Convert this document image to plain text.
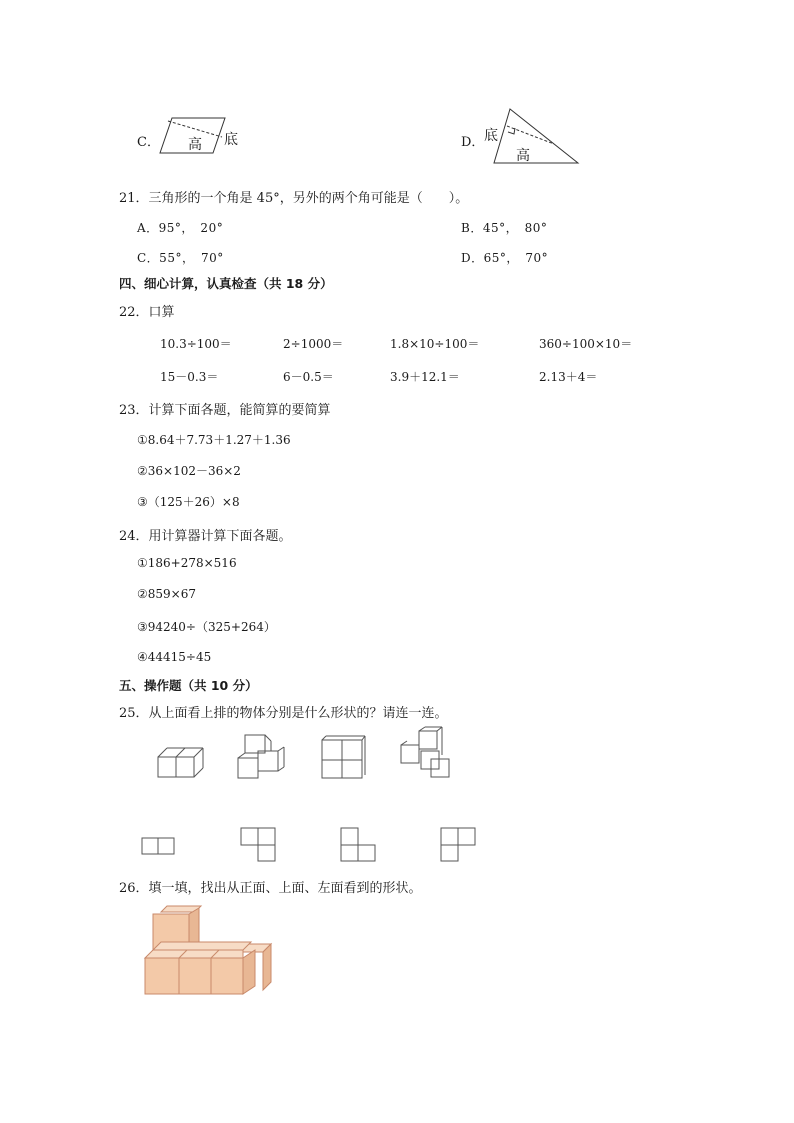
C． 高 底	D． 底
高
21．三角形的一个角是 45°，另外的两个角可能是（　　）。
A．95°，　20°	B．45°，　80°
C．55°，　70°	D．65°，　70°
四、细心计算，认真检查（共 18 分）
22．口算
10.3÷100＝	2÷1000＝	1.8×10÷100＝	360÷100×10＝
15－0.3＝	6－0.5＝	3.9＋12.1＝	2.13＋4＝
23．计算下面各题，能简算的要简算
①8.64＋7.73＋1.27＋1.36
②36×102－36×2
③（125＋26）×8
24．用计算器计算下面各题。
①186+278×516
②859×67
③94240÷（325+264）
④44415÷45
五、操作题（共 10 分）
25．从上面看上排的物体分别是什么形状的？请连一连。
26．填一填，找出从正面、上面、左面看到的形状。
